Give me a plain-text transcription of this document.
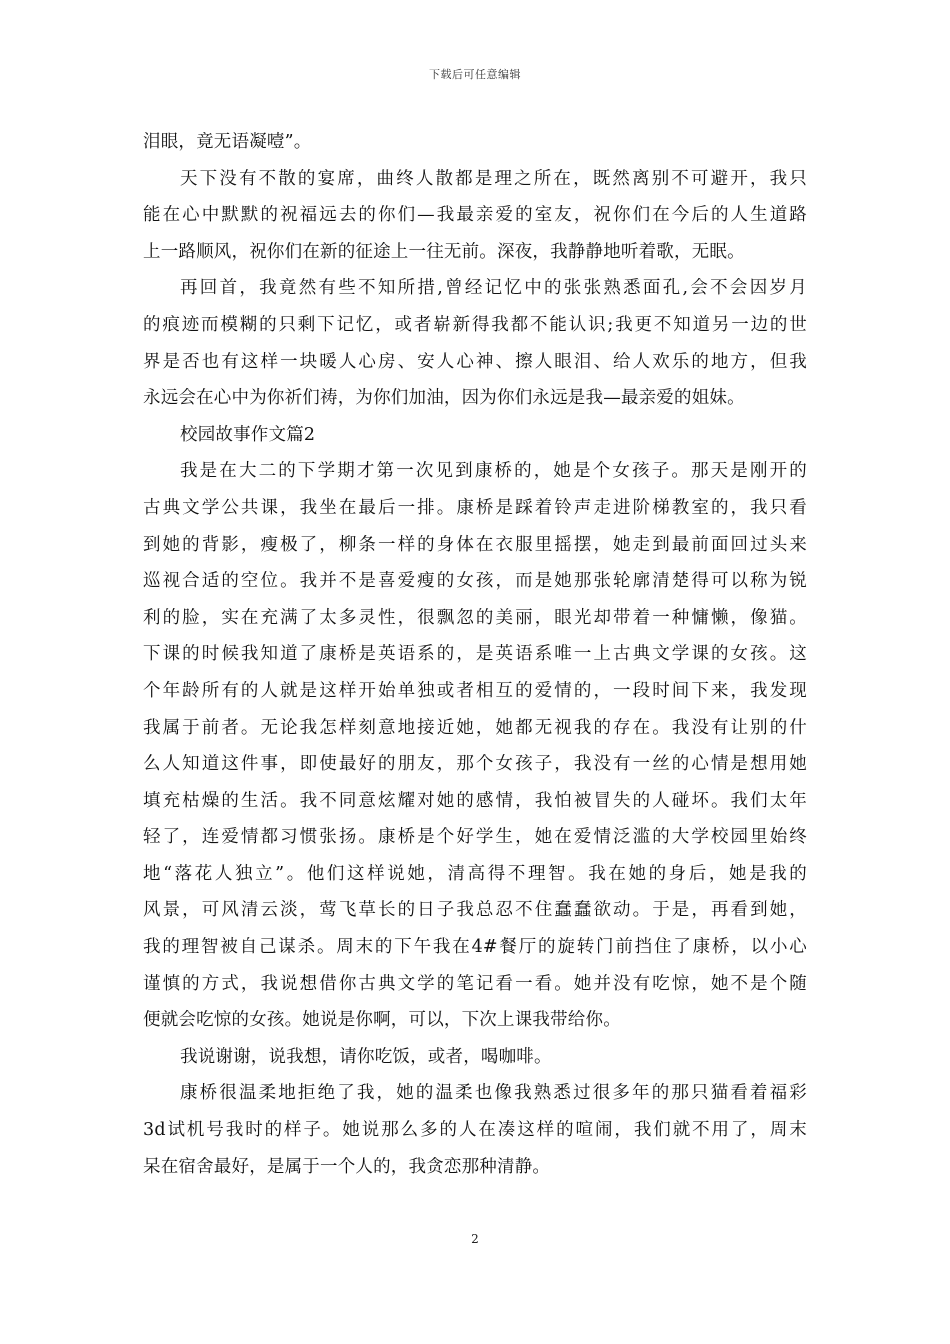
下载后可任意编辑
泪眼，竟无语凝噎”。
天下没有不散的宴席，曲终人散都是理之所在，既然离别不可避开，我只
能在心中默默的祝福远去的你们—我最亲爱的室友，祝你们在今后的人生道路
上一路顺风，祝你们在新的征途上一往无前。深夜，我静静地听着歌，无眠。
再回首，我竟然有些不知所措,曾经记忆中的张张熟悉面孔,会不会因岁月
的痕迹而模糊的只剩下记忆，或者崭新得我都不能认识;我更不知道另一边的世
界是否也有这样一块暖人心房、安人心神、擦人眼泪、给人欢乐的地方，但我
永远会在心中为你祈们祷，为你们加油，因为你们永远是我—最亲爱的姐妹。
校园故事作文篇2
我是在大二的下学期才第一次见到康桥的，她是个女孩子。那天是刚开的
古典文学公共课，我坐在最后一排。康桥是踩着铃声走进阶梯教室的，我只看
到她的背影，瘦极了，柳条一样的身体在衣服里摇摆，她走到最前面回过头来
巡视合适的空位。我并不是喜爱瘦的女孩，而是她那张轮廓清楚得可以称为锐
利的脸，实在充满了太多灵性，很飘忽的美丽，眼光却带着一种慵懒，像猫。
下课的时候我知道了康桥是英语系的，是英语系唯一上古典文学课的女孩。这
个年龄所有的人就是这样开始单独或者相互的爱情的，一段时间下来，我发现
我属于前者。无论我怎样刻意地接近她，她都无视我的存在。我没有让别的什
么人知道这件事，即使最好的朋友，那个女孩子，我没有一丝的心情是想用她
填充枯燥的生活。我不同意炫耀对她的感情，我怕被冒失的人碰坏。我们太年
轻了，连爱情都习惯张扬。康桥是个好学生，她在爱情泛滥的大学校园里始终
地“落花人独立”。他们这样说她，清高得不理智。我在她的身后，她是我的
风景，可风清云淡，莺飞草长的日子我总忍不住蠢蠢欲动。于是，再看到她，
我的理智被自己谋杀。周末的下午我在4#餐厅的旋转门前挡住了康桥，以小心
谨慎的方式，我说想借你古典文学的笔记看一看。她并没有吃惊，她不是个随
便就会吃惊的女孩。她说是你啊，可以，下次上课我带给你。
我说谢谢，说我想，请你吃饭，或者，喝咖啡。
康桥很温柔地拒绝了我，她的温柔也像我熟悉过很多年的那只猫看着福彩
3d试机号我时的样子。她说那么多的人在凑这样的喧闹，我们就不用了，周末
呆在宿舍最好，是属于一个人的，我贪恋那种清静。
2
